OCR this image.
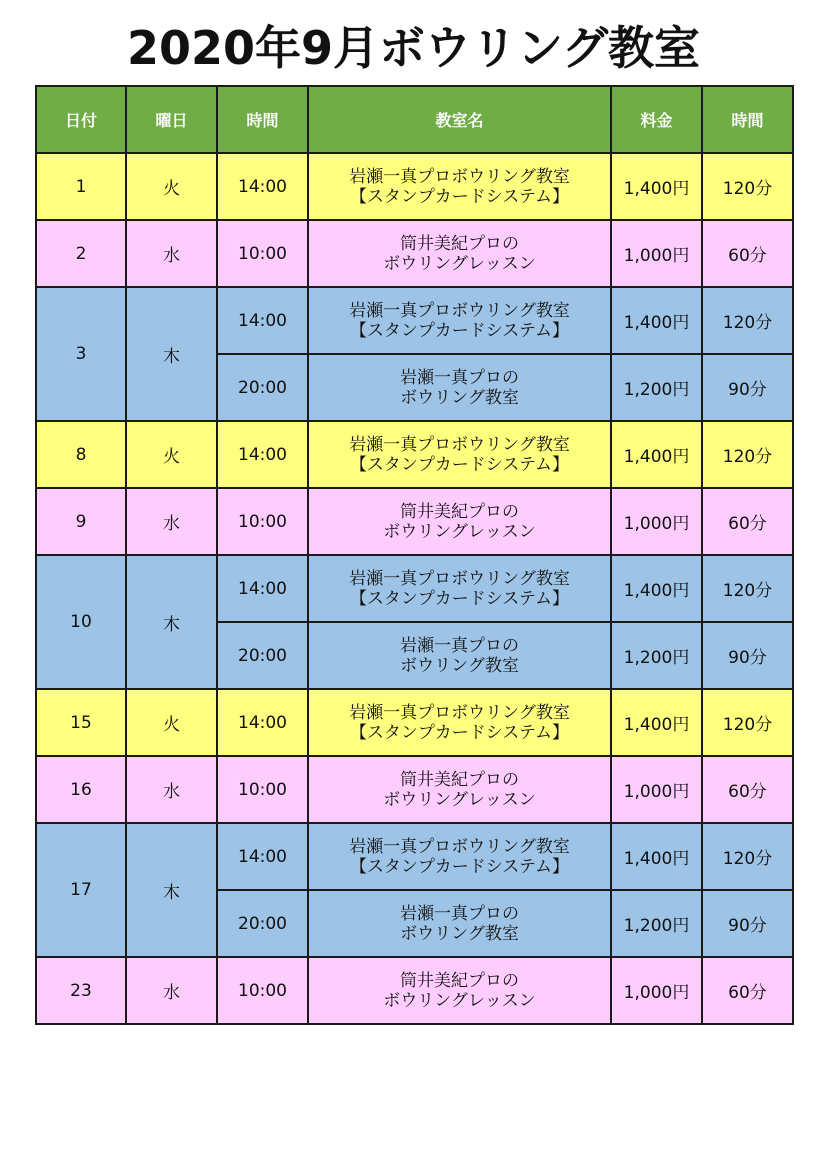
2020年9月ボウリング教室
日付	曜日	時間	教室名	料金	時間
1	火	14:00	岩瀬一真プロボウリング教室
【スタンプカードシステム】	1,400円	120分
2	水	10:00	筒井美紀プロの
ボウリングレッスン	1,000円	60分
3	木	14:00	岩瀬一真プロボウリング教室
【スタンプカードシステム】	1,400円	120分
		20:00	岩瀬一真プロの
ボウリング教室	1,200円	90分
8	火	14:00	岩瀬一真プロボウリング教室
【スタンプカードシステム】	1,400円	120分
9	水	10:00	筒井美紀プロの
ボウリングレッスン	1,000円	60分
10	木	14:00	岩瀬一真プロボウリング教室
【スタンプカードシステム】	1,400円	120分
		20:00	岩瀬一真プロの
ボウリング教室	1,200円	90分
15	火	14:00	岩瀬一真プロボウリング教室
【スタンプカードシステム】	1,400円	120分
16	水	10:00	筒井美紀プロの
ボウリングレッスン	1,000円	60分
17	木	14:00	岩瀬一真プロボウリング教室
【スタンプカードシステム】	1,400円	120分
		20:00	岩瀬一真プロの
ボウリング教室	1,200円	90分
23	水	10:00	筒井美紀プロの
ボウリングレッスン	1,000円	60分
